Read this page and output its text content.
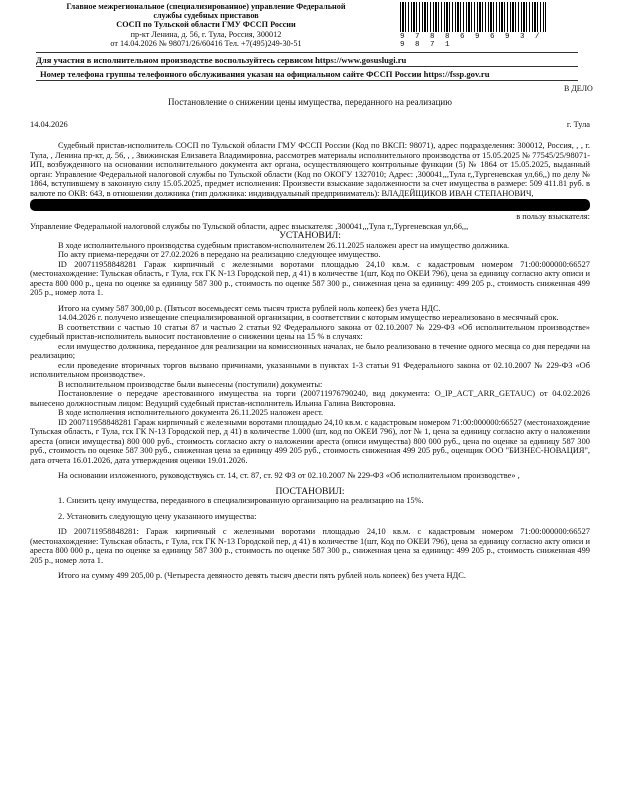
Главное межрегиональное (специализированное) управление Федеральной
службы судебных приставов
СОСП по Тульской области ГМУ ФССП России
пр-кт Ленина, д. 56, г. Тула, Россия, 300012
от 14.04.2026 № 98071/26/60416 Тел. +7(495)249-30-51
9 7 8 8 6 9 6 9 3 / 9 8 7 1
Для участия в исполнительном производстве воспользуйтесь сервисом https://www.gosuslugi.ru
Номер телефона группы телефонного обслуживания указан на официальном сайте ФССП России https://fssp.gov.ru
В ДЕЛО

Постановление о снижении цены имущества, переданного на реализацию

14.04.2026	г. Тула

Судебный пристав-исполнитель СОСП по Тульской области ГМУ ФССП России (Код по ВКСП: 98071), адрес подразделения: 300012, Россия, , , г. Тула, , Ленина пр-кт, д. 56, , , Звижинская Елизавета Владимировна, рассмотрев материалы исполнительного производства от 15.05.2025 № 77545/25/98071-ИП, возбужденного на основании исполнительного документа акт органа, осуществляющего контрольные функции (5) № 1864 от 15.05.2025, выданный орган: Управление Федеральной налоговой службы по Тульской области (Код по ОКОГУ 1327010; Адрес: ,300041,,,Тула г,,Тургеневская ул,66,,) по делу № 1864, вступившему в законную силу 15.05.2025, предмет исполнения: Произвести взыскание задолженности за счет имущества в размере: 509 411.81 руб. в валюте по ОКВ: 643, в отношении должника (тип должника: индивидуальный предприниматель): ВЛАДЕЙЩИКОВ ИВАН СТЕПАНОВИЧ,

в пользу взыскателя:

Управление Федеральной налоговой службы по Тульской области, адрес взыскателя: ,300041,,,Тула г,,Тургеневская ул,66,,,

УСТАНОВИЛ:

В ходе исполнительного производства судебным приставом-исполнителем 26.11.2025 наложен арест на имущество должника.

По акту приема-передачи от 27.02.2026 в передано на реализацию следующее имущество.

ID 200711958848281 Гараж кирпичный с железными воротами площадью 24,10 кв.м. с кадастровым номером 71:00:000000:66527 (местонахождение: Тульская область, г Тула, гск ГК N-13 Городской пер, д 41) в количестве 1(шт, Код по ОКЕИ 796), цена за единицу согласно акту описи и ареста 800 000 р., цена по оценке за единицу 587 300 р., стоимость по оценке 587 300 р., сниженная цена за единицу: 499 205 р., стоимость сниженная 499 205 р., номер лота 1.

Итого на сумму 587 300,00 р. (Пятьсот восемьдесят семь тысяч триста рублей ноль копеек) без учета НДС.

14.04.2026 г. получено извещение специализированной организации, в соответствии с которым имущество нереализовано в месячный срок.

В соответствии с частью 10 статьи 87 и частью 2 статьи 92 Федерального закона от 02.10.2007 № 229-ФЗ «Об исполнительном производстве» судебный пристав-исполнитель выносит постановление о снижении цены на 15 % в случаях:

если имущество должника, переданное для реализации на комиссионных началах, не было реализовано в течение одного месяца со дня передачи на реализацию;

если проведение вторичных торгов вызвано причинами, указанными в пунктах 1-3 статьи 91 Федерального закона от 02.10.2007 № 229-ФЗ «Об исполнительном производстве».

В исполнительном производстве были вынесены (поступили) документы:

Постановление о передаче арестованного имущества на торги (200711976790240, вид документа: O_IP_ACT_ARR_GETAUC) от 04.02.2026 вынесено должностным лицом: Ведущий судебный пристав-исполнитель Ильина Галина Викторовна.

В ходе исполнения исполнительного документа 26.11.2025 наложен арест.

ID 200711958848281 Гараж кирпичный с железными воротами площадью 24,10 кв.м. с кадастровым номером 71:00:000000:66527 (местонахождение Тульская область, г Тула, гск ГК N-13 Городской пер, д 41) в количестве 1.000 (шт, код по ОКЕИ 796), лот № 1, цена за единицу согласно акту о наложении ареста (описи имущества) 800 000 руб., стоимость согласно акту о наложении ареста (описи имущества) 800 000 руб., цена по оценке за единицу 587 300 руб., стоимость по оценке 587 300 руб., сниженная цена за единицу 499 205 руб., стоимость сниженная 499 205 руб., оценщик ООО "БИЗНЕС-НОВАЦИЯ", дата отчета 16.01.2026, дата утверждения оценки 19.01.2026.

На основании изложенного, руководствуясь ст. 14, ст. 87, ст. 92 ФЗ от 02.10.2007 № 229-ФЗ «Об исполнительном производстве» ,

ПОСТАНОВИЛ:

1. Снизить цену имущества, переданного в специализированную организацию на реализацию на 15%.

2. Установить следующую цену указанного имущества:

ID 200711958848281: Гараж кирпичный с железными воротами площадью 24,10 кв.м. с кадастровым номером 71:00:000000:66527 (местонахождение: Тульская область, г Тула, гск ГК N-13 Городской пер, д 41) в количестве 1(шт, Код по ОКЕИ 796), цена за единицу согласно акту описи и ареста 800 000 р., цена по оценке за единицу 587 300 р., стоимость по оценке 587 300 р., сниженная цена за единицу: 499 205 р., стоимость сниженная 499 205 р., номер лота 1.

Итого на сумму 499 205,00 р. (Четыреста девяносто девять тысяч двести пять рублей ноль копеек) без учета НДС.
